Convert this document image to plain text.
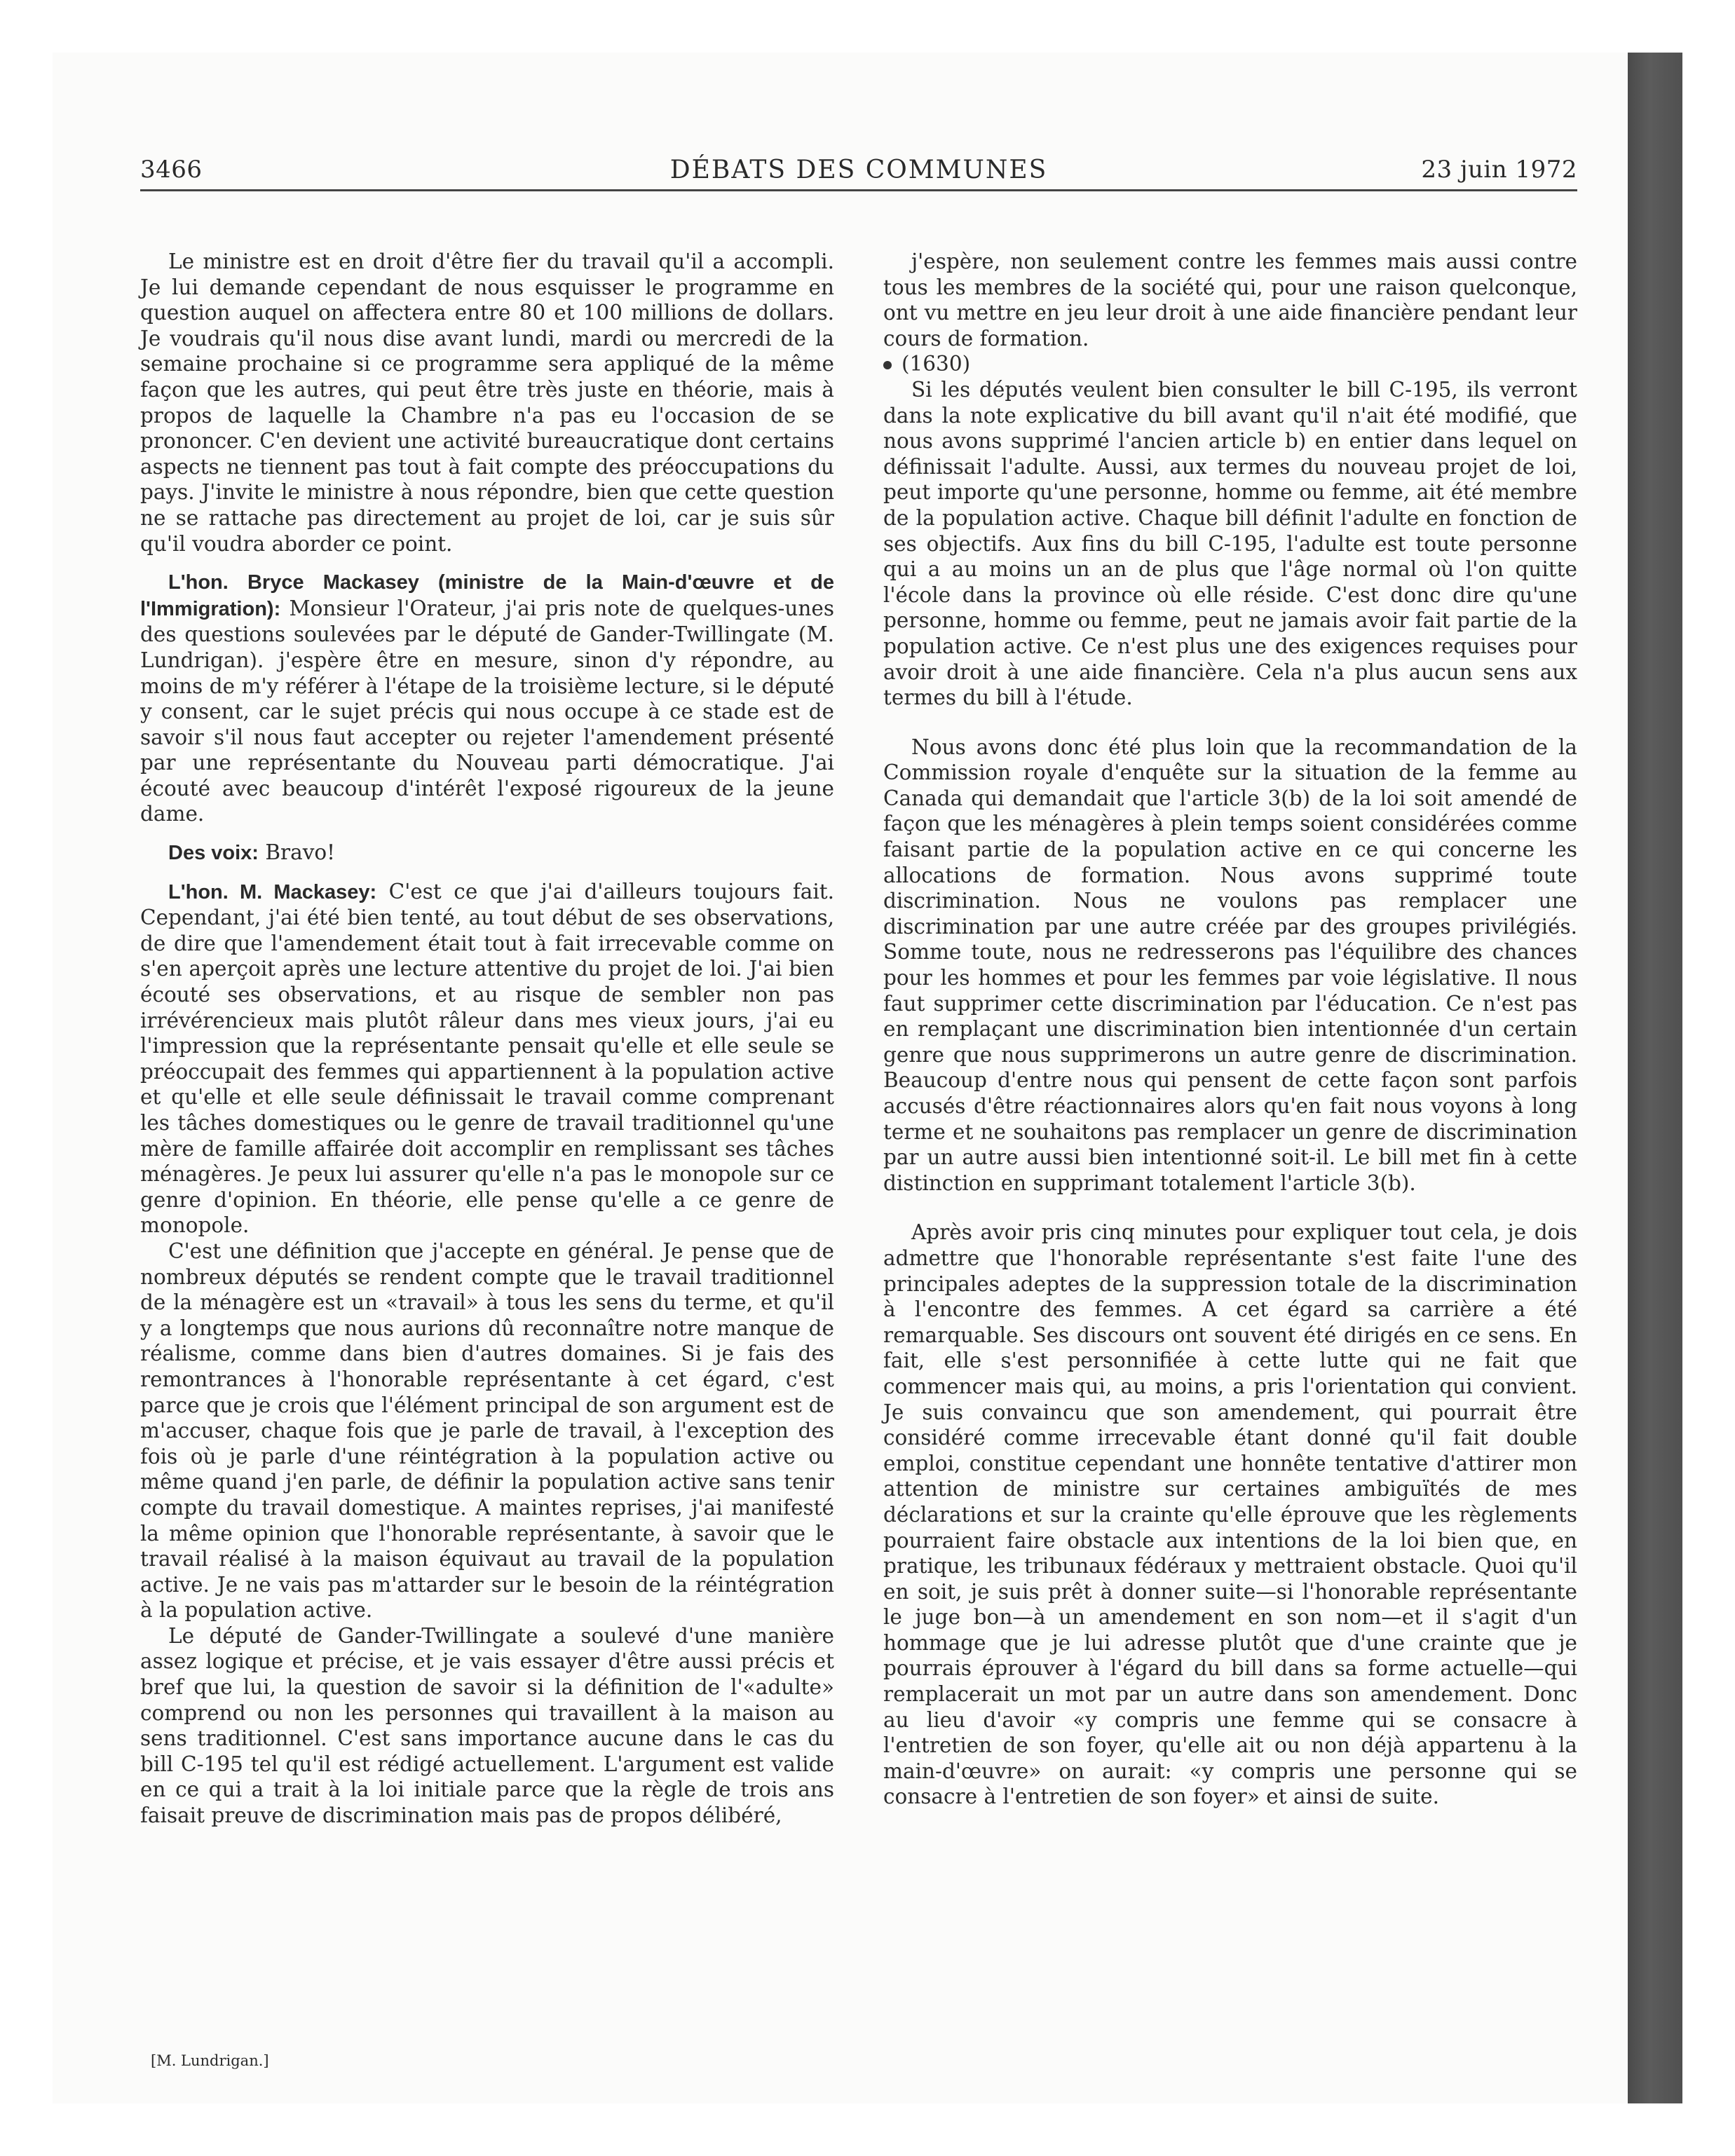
3466	DÉBATS DES COMMUNES	23 juin 1972

Le ministre est en droit d'être fier du travail qu'il a accompli. Je lui demande cependant de nous esquisser le programme en question auquel on affectera entre 80 et 100 millions de dollars. Je voudrais qu'il nous dise avant lundi, mardi ou mercredi de la semaine prochaine si ce programme sera appliqué de la même façon que les autres, qui peut être très juste en théorie, mais à propos de laquelle la Chambre n'a pas eu l'occasion de se prononcer. C'en devient une activité bureaucratique dont certains aspects ne tiennent pas tout à fait compte des préoccupations du pays. J'invite le ministre à nous répondre, bien que cette question ne se rattache pas directement au projet de loi, car je suis sûr qu'il voudra aborder ce point.

L'hon. Bryce Mackasey (ministre de la Main-d'œuvre et de l'Immigration): Monsieur l'Orateur, j'ai pris note de quelques-unes des questions soulevées par le député de Gander-Twillingate (M. Lundrigan). j'espère être en mesure, sinon d'y répondre, au moins de m'y référer à l'étape de la troisième lecture, si le député y consent, car le sujet précis qui nous occupe à ce stade est de savoir s'il nous faut accepter ou rejeter l'amendement présenté par une représentante du Nouveau parti démocratique. J'ai écouté avec beaucoup d'intérêt l'exposé rigoureux de la jeune dame.

Des voix: Bravo!

L'hon. M. Mackasey: C'est ce que j'ai d'ailleurs toujours fait. Cependant, j'ai été bien tenté, au tout début de ses observations, de dire que l'amendement était tout à fait irrecevable comme on s'en aperçoit après une lecture attentive du projet de loi. J'ai bien écouté ses observations, et au risque de sembler non pas irrévérencieux mais plutôt râleur dans mes vieux jours, j'ai eu l'impression que la représentante pensait qu'elle et elle seule se préoccupait des femmes qui appartiennent à la population active et qu'elle et elle seule définissait le travail comme comprenant les tâches domestiques ou le genre de travail traditionnel qu'une mère de famille affairée doit accomplir en remplissant ses tâches ménagères. Je peux lui assurer qu'elle n'a pas le monopole sur ce genre d'opinion. En théorie, elle pense qu'elle a ce genre de monopole.

C'est une définition que j'accepte en général. Je pense que de nombreux députés se rendent compte que le travail traditionnel de la ménagère est un «travail» à tous les sens du terme, et qu'il y a longtemps que nous aurions dû reconnaître notre manque de réalisme, comme dans bien d'autres domaines. Si je fais des remontrances à l'honorable représentante à cet égard, c'est parce que je crois que l'élément principal de son argument est de m'accuser, chaque fois que je parle de travail, à l'exception des fois où je parle d'une réintégration à la population active ou même quand j'en parle, de définir la population active sans tenir compte du travail domestique. A maintes reprises, j'ai manifesté la même opinion que l'honorable représentante, à savoir que le travail réalisé à la maison équivaut au travail de la population active. Je ne vais pas m'attarder sur le besoin de la réintégration à la population active.

Le député de Gander-Twillingate a soulevé d'une manière assez logique et précise, et je vais essayer d'être aussi précis et bref que lui, la question de savoir si la définition de l'«adulte» comprend ou non les personnes qui travaillent à la maison au sens traditionnel. C'est sans importance aucune dans le cas du bill C-195 tel qu'il est rédigé actuellement. L'argument est valide en ce qui a trait à la loi initiale parce que la règle de trois ans faisait preuve de discrimination mais pas de propos délibéré,

j'espère, non seulement contre les femmes mais aussi contre tous les membres de la société qui, pour une raison quelconque, ont vu mettre en jeu leur droit à une aide financière pendant leur cours de formation.

(1630)

Si les députés veulent bien consulter le bill C-195, ils verront dans la note explicative du bill avant qu'il n'ait été modifié, que nous avons supprimé l'ancien article b) en entier dans lequel on définissait l'adulte. Aussi, aux termes du nouveau projet de loi, peut importe qu'une personne, homme ou femme, ait été membre de la population active. Chaque bill définit l'adulte en fonction de ses objectifs. Aux fins du bill C-195, l'adulte est toute personne qui a au moins un an de plus que l'âge normal où l'on quitte l'école dans la province où elle réside. C'est donc dire qu'une personne, homme ou femme, peut ne jamais avoir fait partie de la population active. Ce n'est plus une des exigences requises pour avoir droit à une aide financière. Cela n'a plus aucun sens aux termes du bill à l'étude.

Nous avons donc été plus loin que la recommandation de la Commission royale d'enquête sur la situation de la femme au Canada qui demandait que l'article 3(b) de la loi soit amendé de façon que les ménagères à plein temps soient considérées comme faisant partie de la population active en ce qui concerne les allocations de formation. Nous avons supprimé toute discrimination. Nous ne voulons pas remplacer une discrimination par une autre créée par des groupes privilégiés. Somme toute, nous ne redresserons pas l'équilibre des chances pour les hommes et pour les femmes par voie législative. Il nous faut supprimer cette discrimination par l'éducation. Ce n'est pas en remplaçant une discrimination bien intentionnée d'un certain genre que nous supprimerons un autre genre de discrimination. Beaucoup d'entre nous qui pensent de cette façon sont parfois accusés d'être réactionnaires alors qu'en fait nous voyons à long terme et ne souhaitons pas remplacer un genre de discrimination par un autre aussi bien intentionné soit-il. Le bill met fin à cette distinction en supprimant totalement l'article 3(b).

Après avoir pris cinq minutes pour expliquer tout cela, je dois admettre que l'honorable représentante s'est faite l'une des principales adeptes de la suppression totale de la discrimination à l'encontre des femmes. A cet égard sa carrière a été remarquable. Ses discours ont souvent été dirigés en ce sens. En fait, elle s'est personnifiée à cette lutte qui ne fait que commencer mais qui, au moins, a pris l'orientation qui convient. Je suis convaincu que son amendement, qui pourrait être considéré comme irrecevable étant donné qu'il fait double emploi, constitue cependant une honnête tentative d'attirer mon attention de ministre sur certaines ambiguïtés de mes déclarations et sur la crainte qu'elle éprouve que les règlements pourraient faire obstacle aux intentions de la loi bien que, en pratique, les tribunaux fédéraux y mettraient obstacle. Quoi qu'il en soit, je suis prêt à donner suite—si l'honorable représentante le juge bon—à un amendement en son nom—et il s'agit d'un hommage que je lui adresse plutôt que d'une crainte que je pourrais éprouver à l'égard du bill dans sa forme actuelle—qui remplacerait un mot par un autre dans son amendement. Donc au lieu d'avoir «y compris une femme qui se consacre à l'entretien de son foyer, qu'elle ait ou non déjà appartenu à la main-d'œuvre» on aurait: «y compris une personne qui se consacre à l'entretien de son foyer» et ainsi de suite.

[M. Lundrigan.]
